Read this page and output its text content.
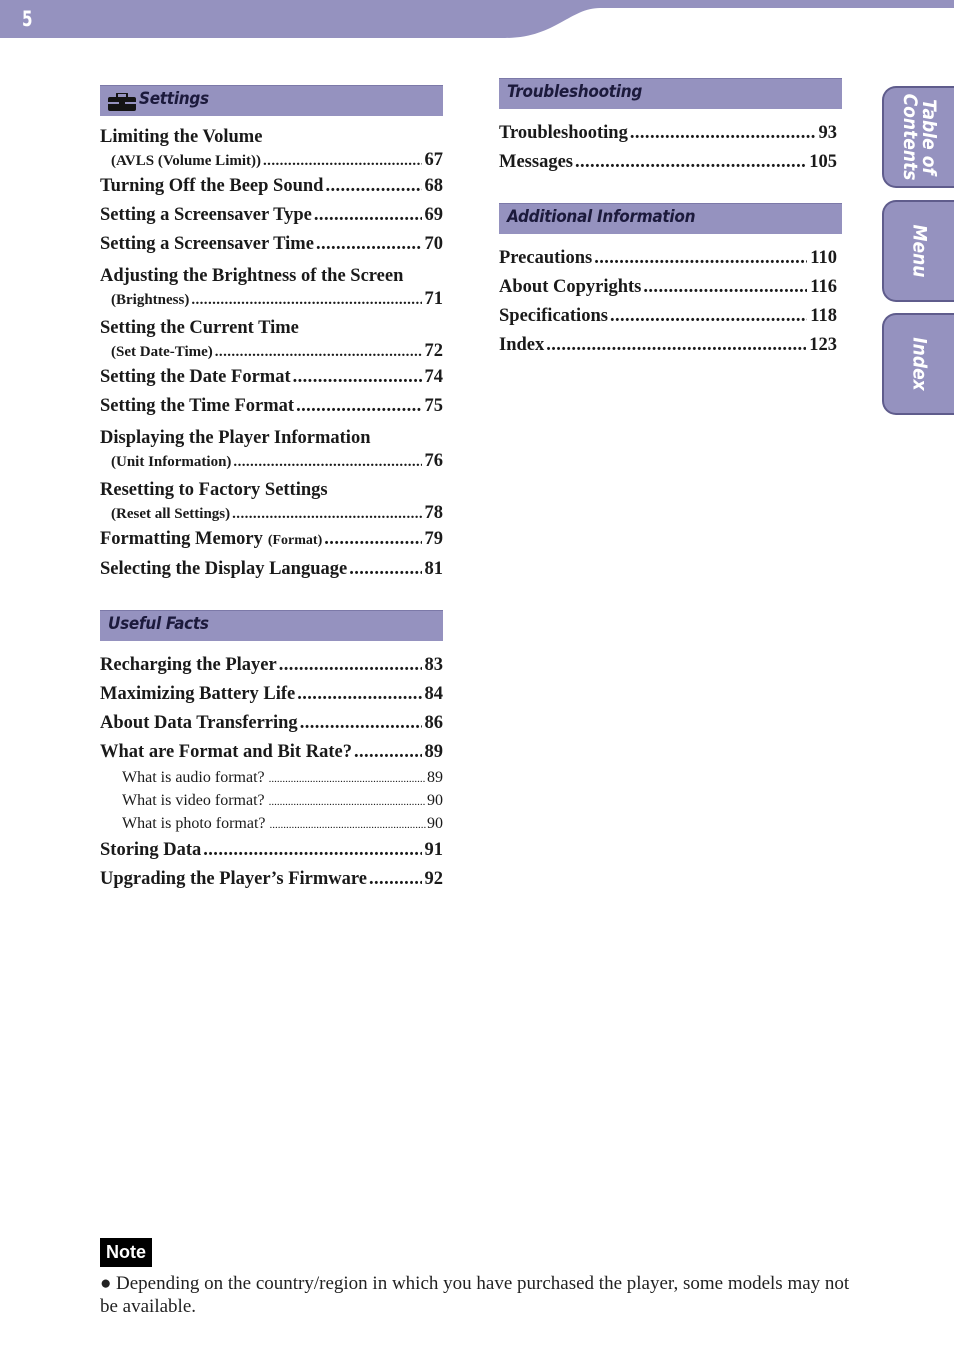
5
Settings
Limiting the Volume
(AVLS (Volume Limit)) .....	67
Turning Off the Beep Sound .....	68
Setting a Screensaver Type .....	69
Setting a Screensaver Time .....	70
Adjusting the Brightness of the Screen
(Brightness) .....	71
Setting the Current Time
(Set Date-Time) .....	72
Setting the Date Format .....	74
Setting the Time Format .....	75
Displaying the Player Information
(Unit Information) .....	76
Resetting to Factory Settings
(Reset all Settings) .....	78
Formatting Memory (Format) .....	79
Selecting the Display Language .....	81
Useful Facts
Recharging the Player .....	83
Maximizing Battery Life .....	84
About Data Transferring .....	86
What are Format and Bit Rate? .....	89
What is audio format? .....	89
What is video format? .....	90
What is photo format? .....	90
Storing Data .....	91
Upgrading the Player’s Firmware .....	92
Troubleshooting
Troubleshooting .....	93
Messages .....	105
Additional Information
Precautions .....	110
About Copyrights .....	116
Specifications .....	118
Index .....	123
Table of
Contents
Menu
Index
Note
● Depending on the country/region in which you have purchased the player, some models may not be available.
